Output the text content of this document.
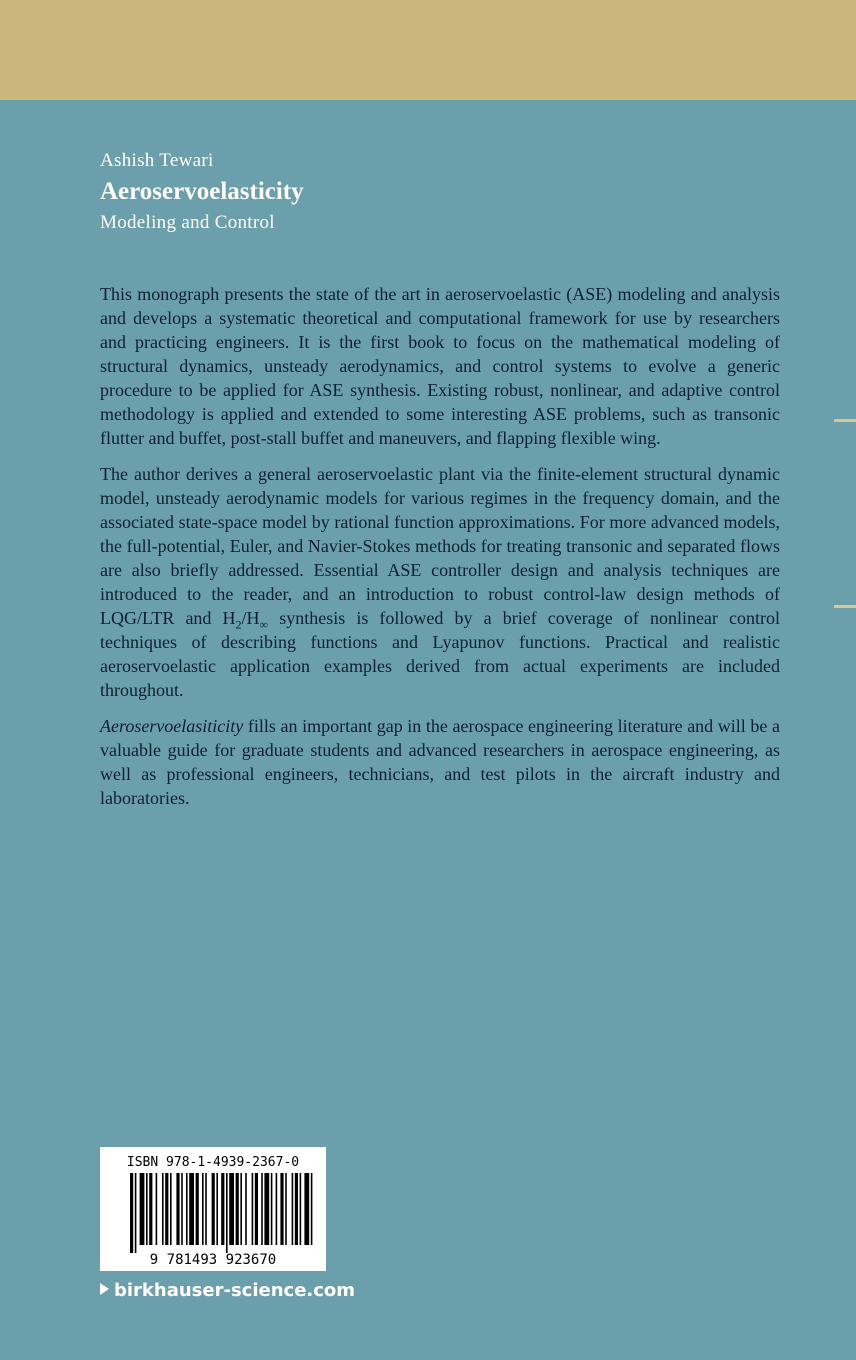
Ashish Tewari
Aeroservoelasticity
Modeling and Control

This monograph presents the state of the art in aeroservoelastic (ASE) modeling and analysis and develops a systematic theoretical and computational framework for use by researchers and practicing engineers. It is the first book to focus on the mathematical modeling of structural dynamics, unsteady aerodynamics, and control systems to evolve a generic procedure to be applied for ASE synthesis. Existing robust, nonlinear, and adaptive control methodology is applied and extended to some interesting ASE problems, such as transonic flutter and buffet, post-stall buffet and maneuvers, and flapping flexible wing.

The author derives a general aeroservoelastic plant via the finite-element structural dynamic model, unsteady aerodynamic models for various regimes in the frequency domain, and the associated state-space model by rational function approximations. For more advanced models, the full-potential, Euler, and Navier-Stokes methods for treating transonic and separated flows are also briefly addressed. Essential ASE controller design and analysis techniques are introduced to the reader, and an introduction to robust control-law design methods of LQG/LTR and $H_2/H_\infty$ synthesis is followed by a brief coverage of nonlinear control techniques of describing functions and Lyapunov functions. Practical and realistic aeroservoelastic application examples derived from actual experiments are included throughout.

Aeroservoelasiticity fills an important gap in the aerospace engineering literature and will be a valuable guide for graduate students and advanced researchers in aerospace engineering, as well as professional engineers, technicians, and test pilots in the aircraft industry and laboratories.

ISBN 978-1-4939-2367-0
9 781493 923670
birkhauser-science.com
